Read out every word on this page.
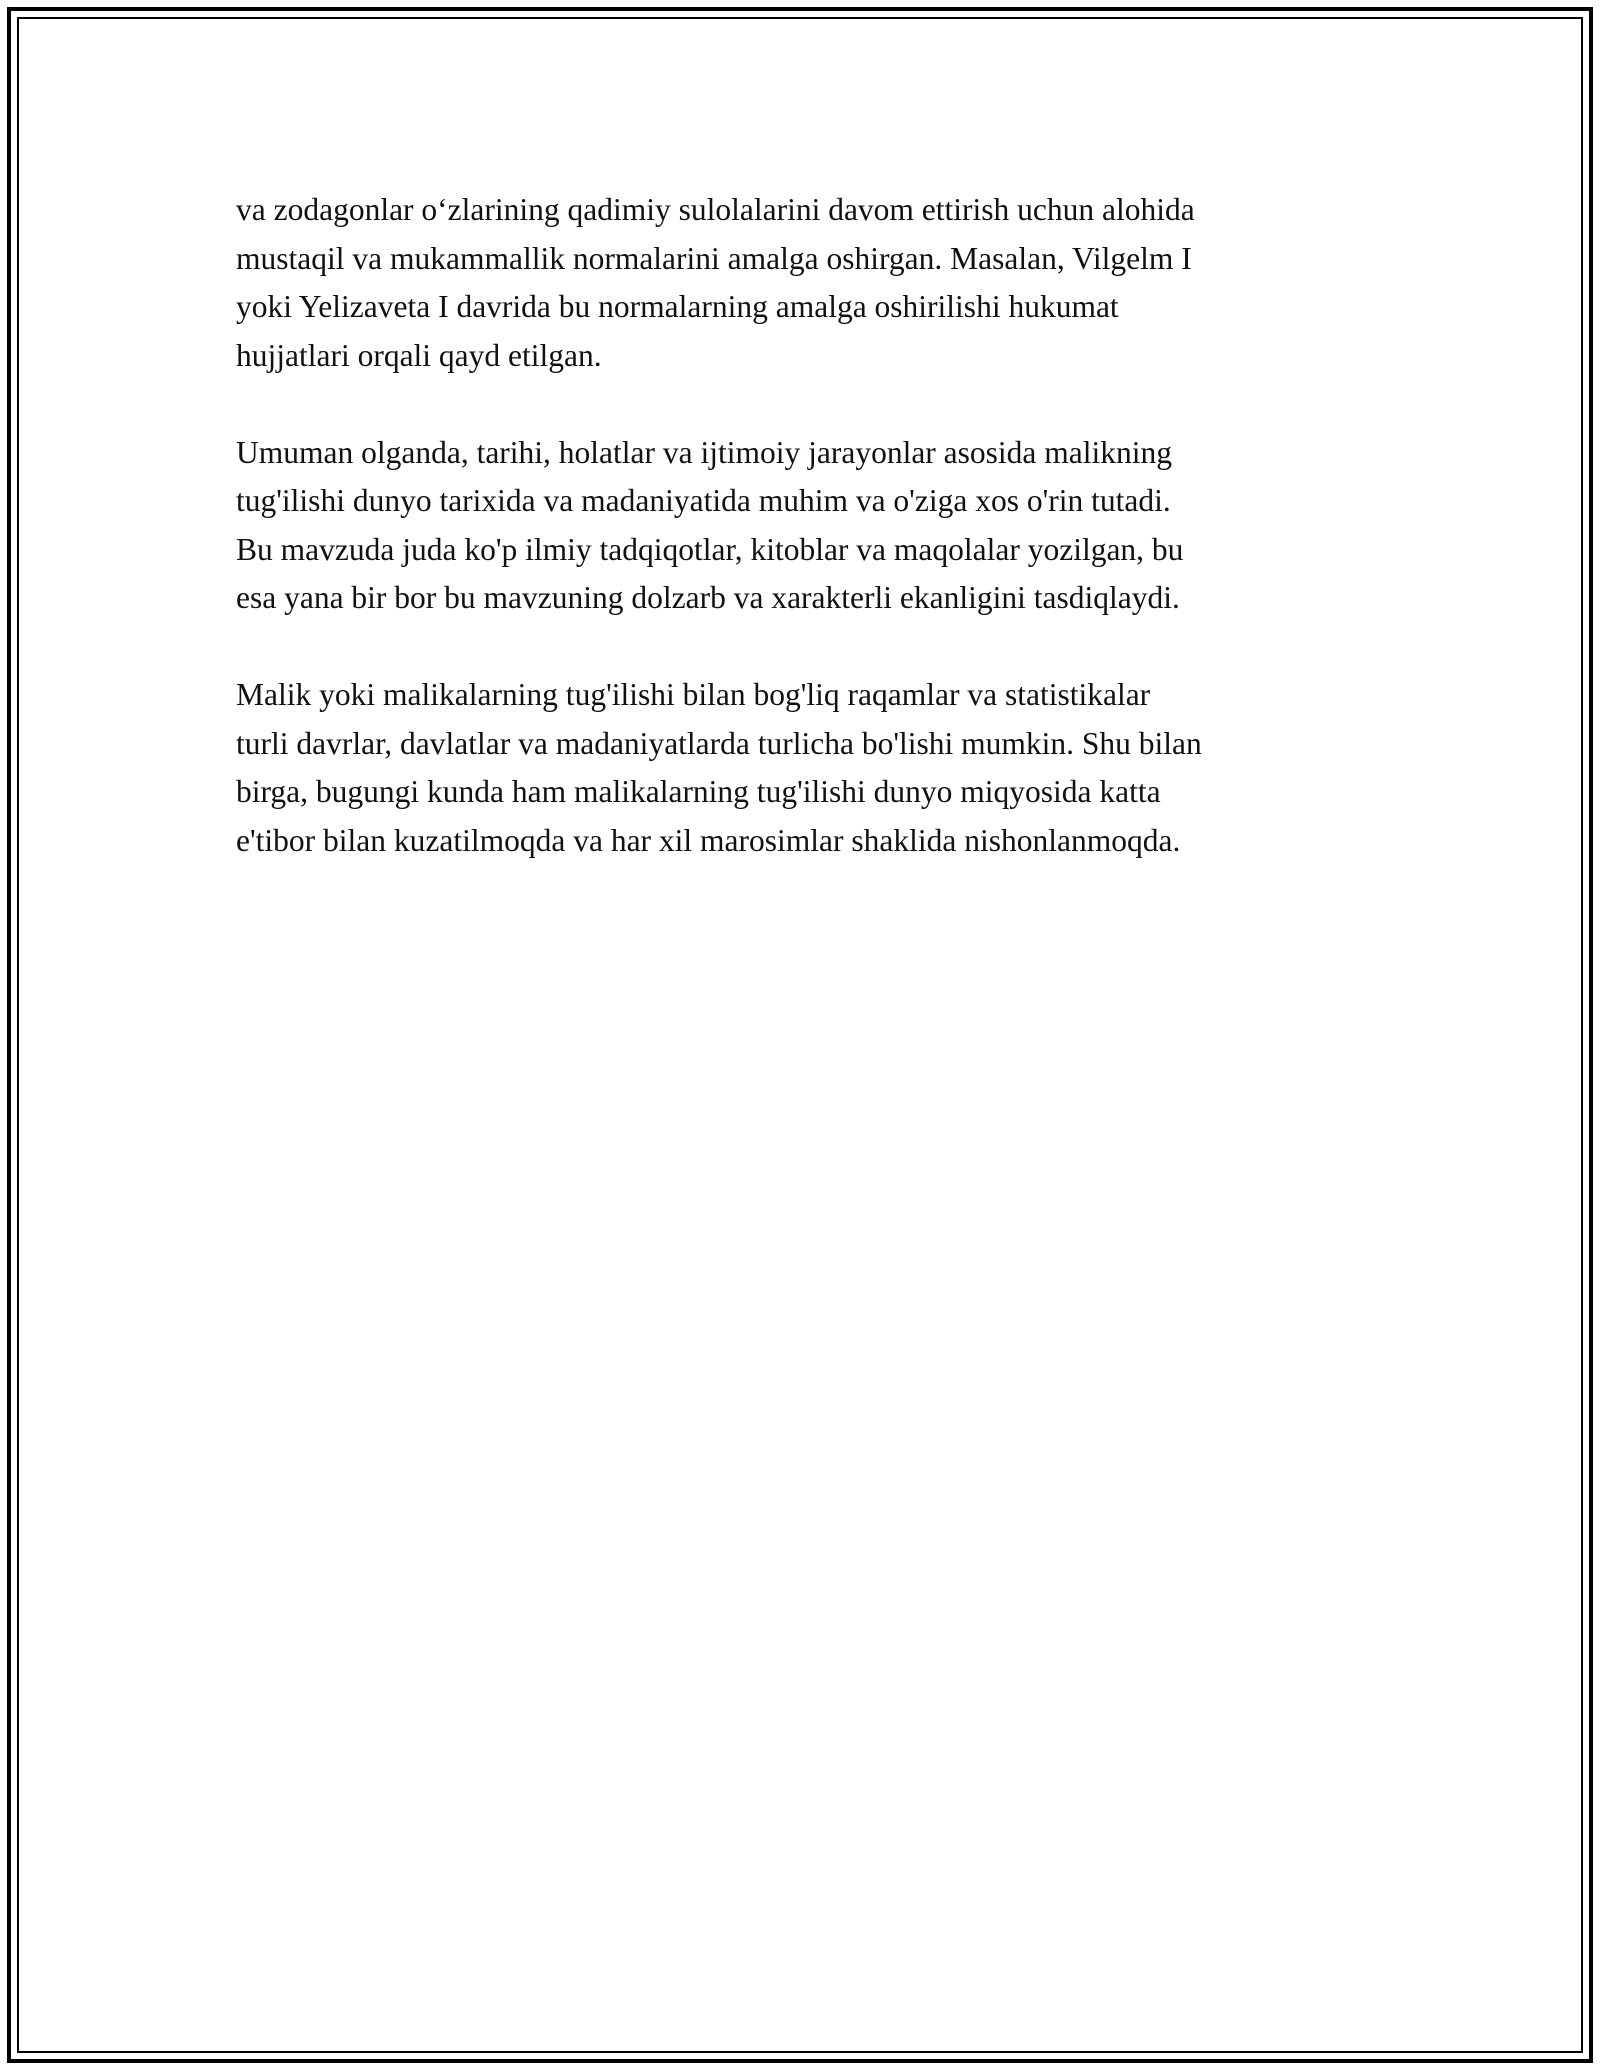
va zodagonlar o‘zlarining qadimiy sulolalarini davom ettirish uchun alohida
mustaqil va mukammallik normalarini amalga oshirgan. Masalan, Vilgelm I
yoki Yelizaveta I davrida bu normalarning amalga oshirilishi hukumat
hujjatlari orqali qayd etilgan.

Umuman olganda, tarihi, holatlar va ijtimoiy jarayonlar asosida malikning
tug'ilishi dunyo tarixida va madaniyatida muhim va o'ziga xos o'rin tutadi.
Bu mavzuda juda ko'p ilmiy tadqiqotlar, kitoblar va maqolalar yozilgan, bu
esa yana bir bor bu mavzuning dolzarb va xarakterli ekanligini tasdiqlaydi.

Malik yoki malikalarning tug'ilishi bilan bog'liq raqamlar va statistikalar
turli davrlar, davlatlar va madaniyatlarda turlicha bo'lishi mumkin. Shu bilan
birga, bugungi kunda ham malikalarning tug'ilishi dunyo miqyosida katta
e'tibor bilan kuzatilmoqda va har xil marosimlar shaklida nishonlanmoqda.
